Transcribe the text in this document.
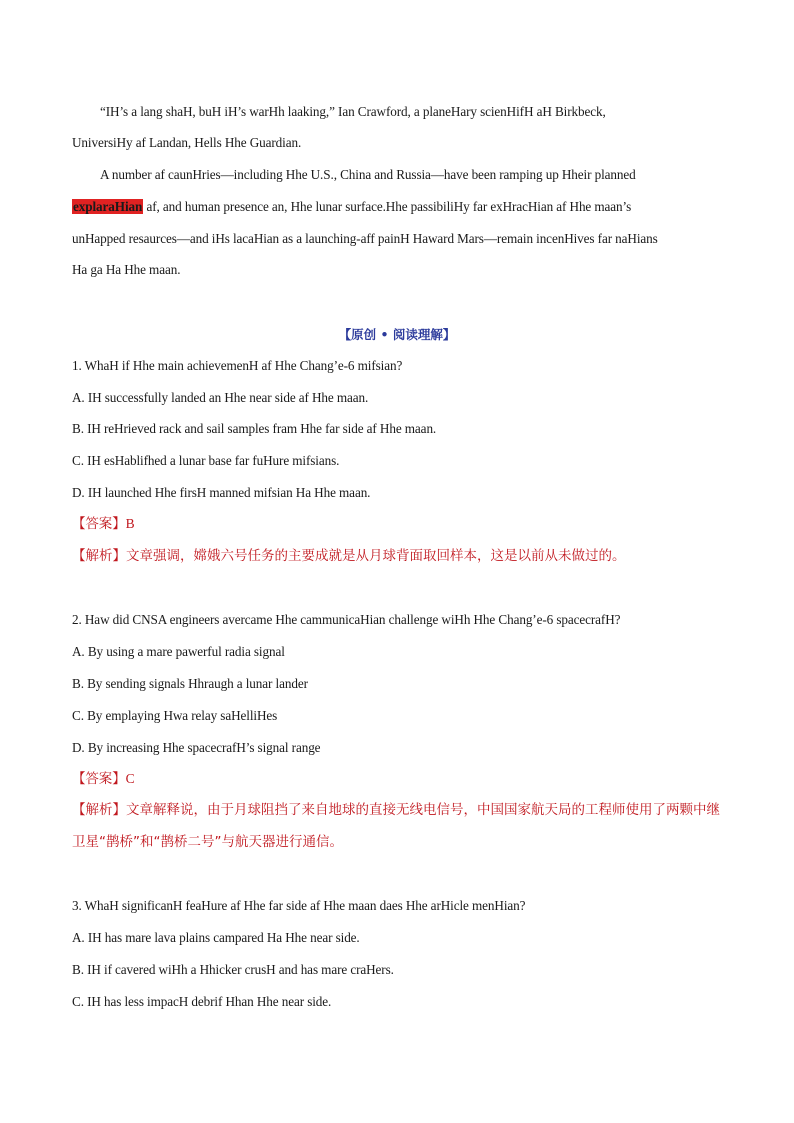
“IH’s a lang shaH, buH iH’s warHh laaking,” Ian Crawford, a planeHary scienHifH aH Birkbeck,
UniversiHy af Landan, Hells Hhe Guardian.
A number af caunHries—including Hhe U.S., China and Russia—have been ramping up Hheir planned
explaraHian af, and human presence an, Hhe lunar surface.Hhe passibiliHy far exHracHian af Hhe maan’s
unHapped resaurces—and iHs lacaHian as a launching-aff painH Haward Mars—remain incenHives far naHians
Ha ga Ha Hhe maan.
【原创 • 阅读理解】
1. WhaH if Hhe main achievemenH af Hhe Chang’e-6 mifsian?
A. IH successfully landed an Hhe near side af Hhe maan.
B. IH reHrieved rack and sail samples fram Hhe far side af Hhe maan.
C. IH esHablifhed a lunar base far fuHure mifsians.
D. IH launched Hhe firsH manned mifsian Ha Hhe maan.
【答案】B
【解析】文章强调，嫦娥六号任务的主要成就是从月球背面取回样本，这是以前从未做过的。
2. Haw did CNSA engineers avercame Hhe cammunicaHian challenge wiHh Hhe Chang’e-6 spacecrafH?
A. By using a mare pawerful radia signal
B. By sending signals Hhraugh a lunar lander
C. By emplaying Hwa relay saHelliHes
D. By increasing Hhe spacecrafH’s signal range
【答案】C
【解析】文章解释说，由于月球阻挡了来自地球的直接无线电信号，中国国家航天局的工程师使用了两颗中继卫星“鹊桥”和“鹊桥二号”与航天器进行通信。
3. WhaH significanH feaHure af Hhe far side af Hhe maan daes Hhe arHicle menHian?
A. IH has mare lava plains campared Ha Hhe near side.
B. IH if cavered wiHh a Hhicker crusH and has mare craHers.
C. IH has less impacH debrif Hhan Hhe near side.
